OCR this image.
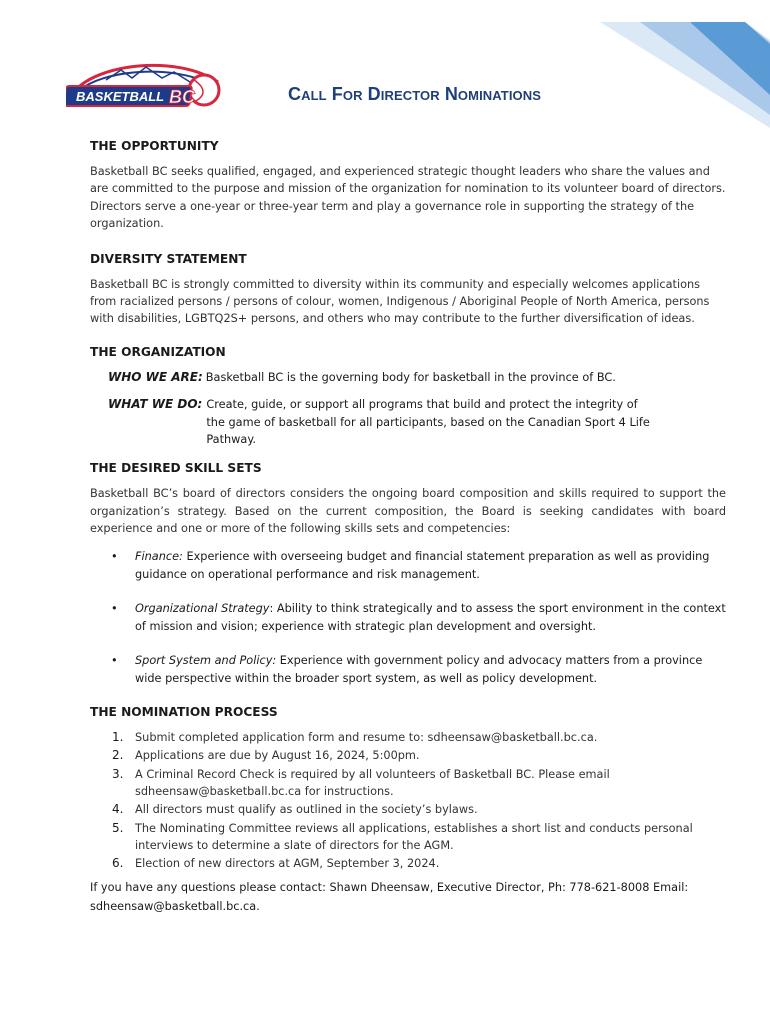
BASKETBALL BC	Call For Director Nominations
THE OPPORTUNITY

Basketball BC seeks qualified, engaged, and experienced strategic thought leaders who share the values and are committed to the purpose and mission of the organization for nomination to its volunteer board of directors. Directors serve a one-year or three-year term and play a governance role in supporting the strategy of the organization.

DIVERSITY STATEMENT

Basketball BC is strongly committed to diversity within its community and especially welcomes applications from racialized persons / persons of colour, women, Indigenous / Aboriginal People of North America, persons with disabilities, LGBTQ2S+ persons, and others who may contribute to the further diversification of ideas.

THE ORGANIZATION
WHO WE ARE: Basketball BC is the governing body for basketball in the province of BC.
WHAT WE DO: Create, guide, or support all programs that build and protect the integrity of the game of basketball for all participants, based on the Canadian Sport 4 Life Pathway.
THE DESIRED SKILL SETS

Basketball BC’s board of directors considers the ongoing board composition and skills required to support the organization’s strategy. Based on the current composition, the Board is seeking candidates with board experience and one or more of the following skills sets and competencies:

• Finance: Experience with overseeing budget and financial statement preparation as well as providing guidance on operational performance and risk management.
• Organizational Strategy: Ability to think strategically and to assess the sport environment in the context of mission and vision; experience with strategic plan development and oversight.
• Sport System and Policy: Experience with government policy and advocacy matters from a province wide perspective within the broader sport system, as well as policy development.
THE NOMINATION PROCESS
1. Submit completed application form and resume to: sdheensaw@basketball.bc.ca.
2. Applications are due by August 16, 2024, 5:00pm.
3. A Criminal Record Check is required by all volunteers of Basketball BC. Please email sdheensaw@basketball.bc.ca for instructions.
4. All directors must qualify as outlined in the society’s bylaws.
5. The Nominating Committee reviews all applications, establishes a short list and conducts personal interviews to determine a slate of directors for the AGM.
6. Election of new directors at AGM, September 3, 2024.

If you have any questions please contact: Shawn Dheensaw, Executive Director, Ph: 778-621-8008 Email: sdheensaw@basketball.bc.ca.
